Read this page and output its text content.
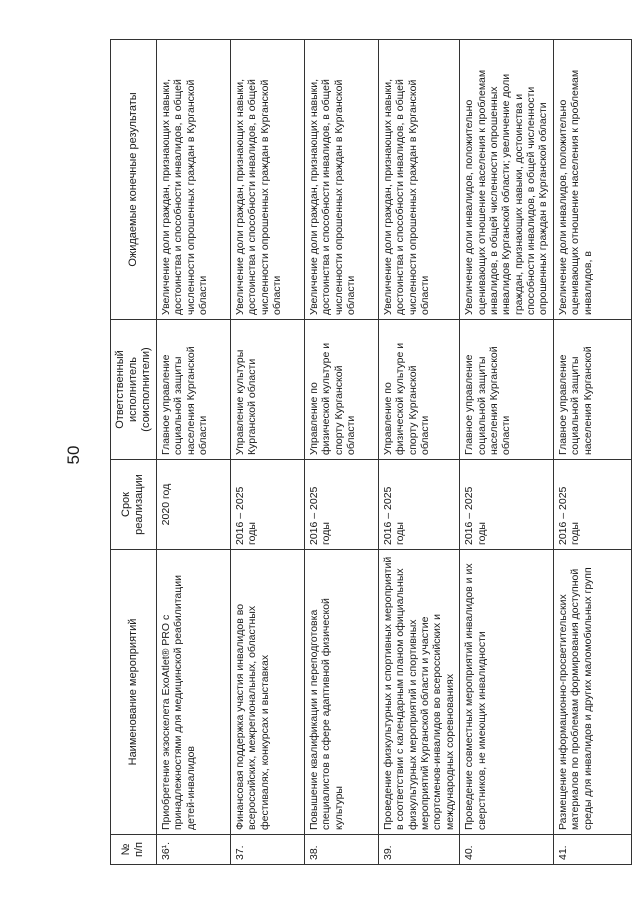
50
№ п/п	Наименование мероприятий	Срок реализации	Ответственный исполнитель (соисполнители)	Ожидаемые конечные результаты
36¹.	Приобретение экзоскелета ExoAtlet® PRO с принадлежностями для медицинской реабилитации детей-инвалидов	2020 год	Главное управление социальной защиты населения Курганской области	Увеличение доли граждан, признающих навыки, достоинства и способности инвалидов, в общей численности опрошенных граждан в Курганской области
37.	Финансовая поддержка участия инвалидов во всероссийских, межрегиональных, областных фестивалях, конкурсах и выставках	2016 – 2025 годы	Управление культуры Курганской области	Увеличение доли граждан, признающих навыки, достоинства и способности инвалидов, в общей численности опрошенных граждан в Курганской области
38.	Повышение квалификации и переподготовка специалистов в сфере адаптивной физической культуры	2016 – 2025 годы	Управление по физической культуре и спорту Курганской области	Увеличение доли граждан, признающих навыки, достоинства и способности инвалидов, в общей численности опрошенных граждан в Курганской области
39.	Проведение физкультурных и спортивных мероприятий в соответствии с календарным планом официальных физкультурных мероприятий и спортивных мероприятий Курганской области и участие спортсменов-инвалидов во всероссийских и международных соревнованиях	2016 – 2025 годы	Управление по физической культуре и спорту Курганской области	Увеличение доли граждан, признающих навыки, достоинства и способности инвалидов, в общей численности опрошенных граждан в Курганской области
40.	Проведение совместных мероприятий инвалидов и их сверстников, не имеющих инвалидности	2016 – 2025 годы	Главное управление социальной защиты населения Курганской области	Увеличение доли инвалидов, положительно оценивающих отношение населения к проблемам инвалидов, в общей численности опрошенных инвалидов Курганской области; увеличение доли граждан, признающих навыки, достоинства и способности инвалидов, в общей численности опрошенных граждан в Курганской области
41.	Размещение информационно-просветительских материалов по проблемам формирования доступной среды для инвалидов и других маломобильных групп	2016 – 2025 годы	Главное управление социальной защиты населения Курганской	Увеличение доли инвалидов, положительно оценивающих отношение населения к проблемам инвалидов, в
